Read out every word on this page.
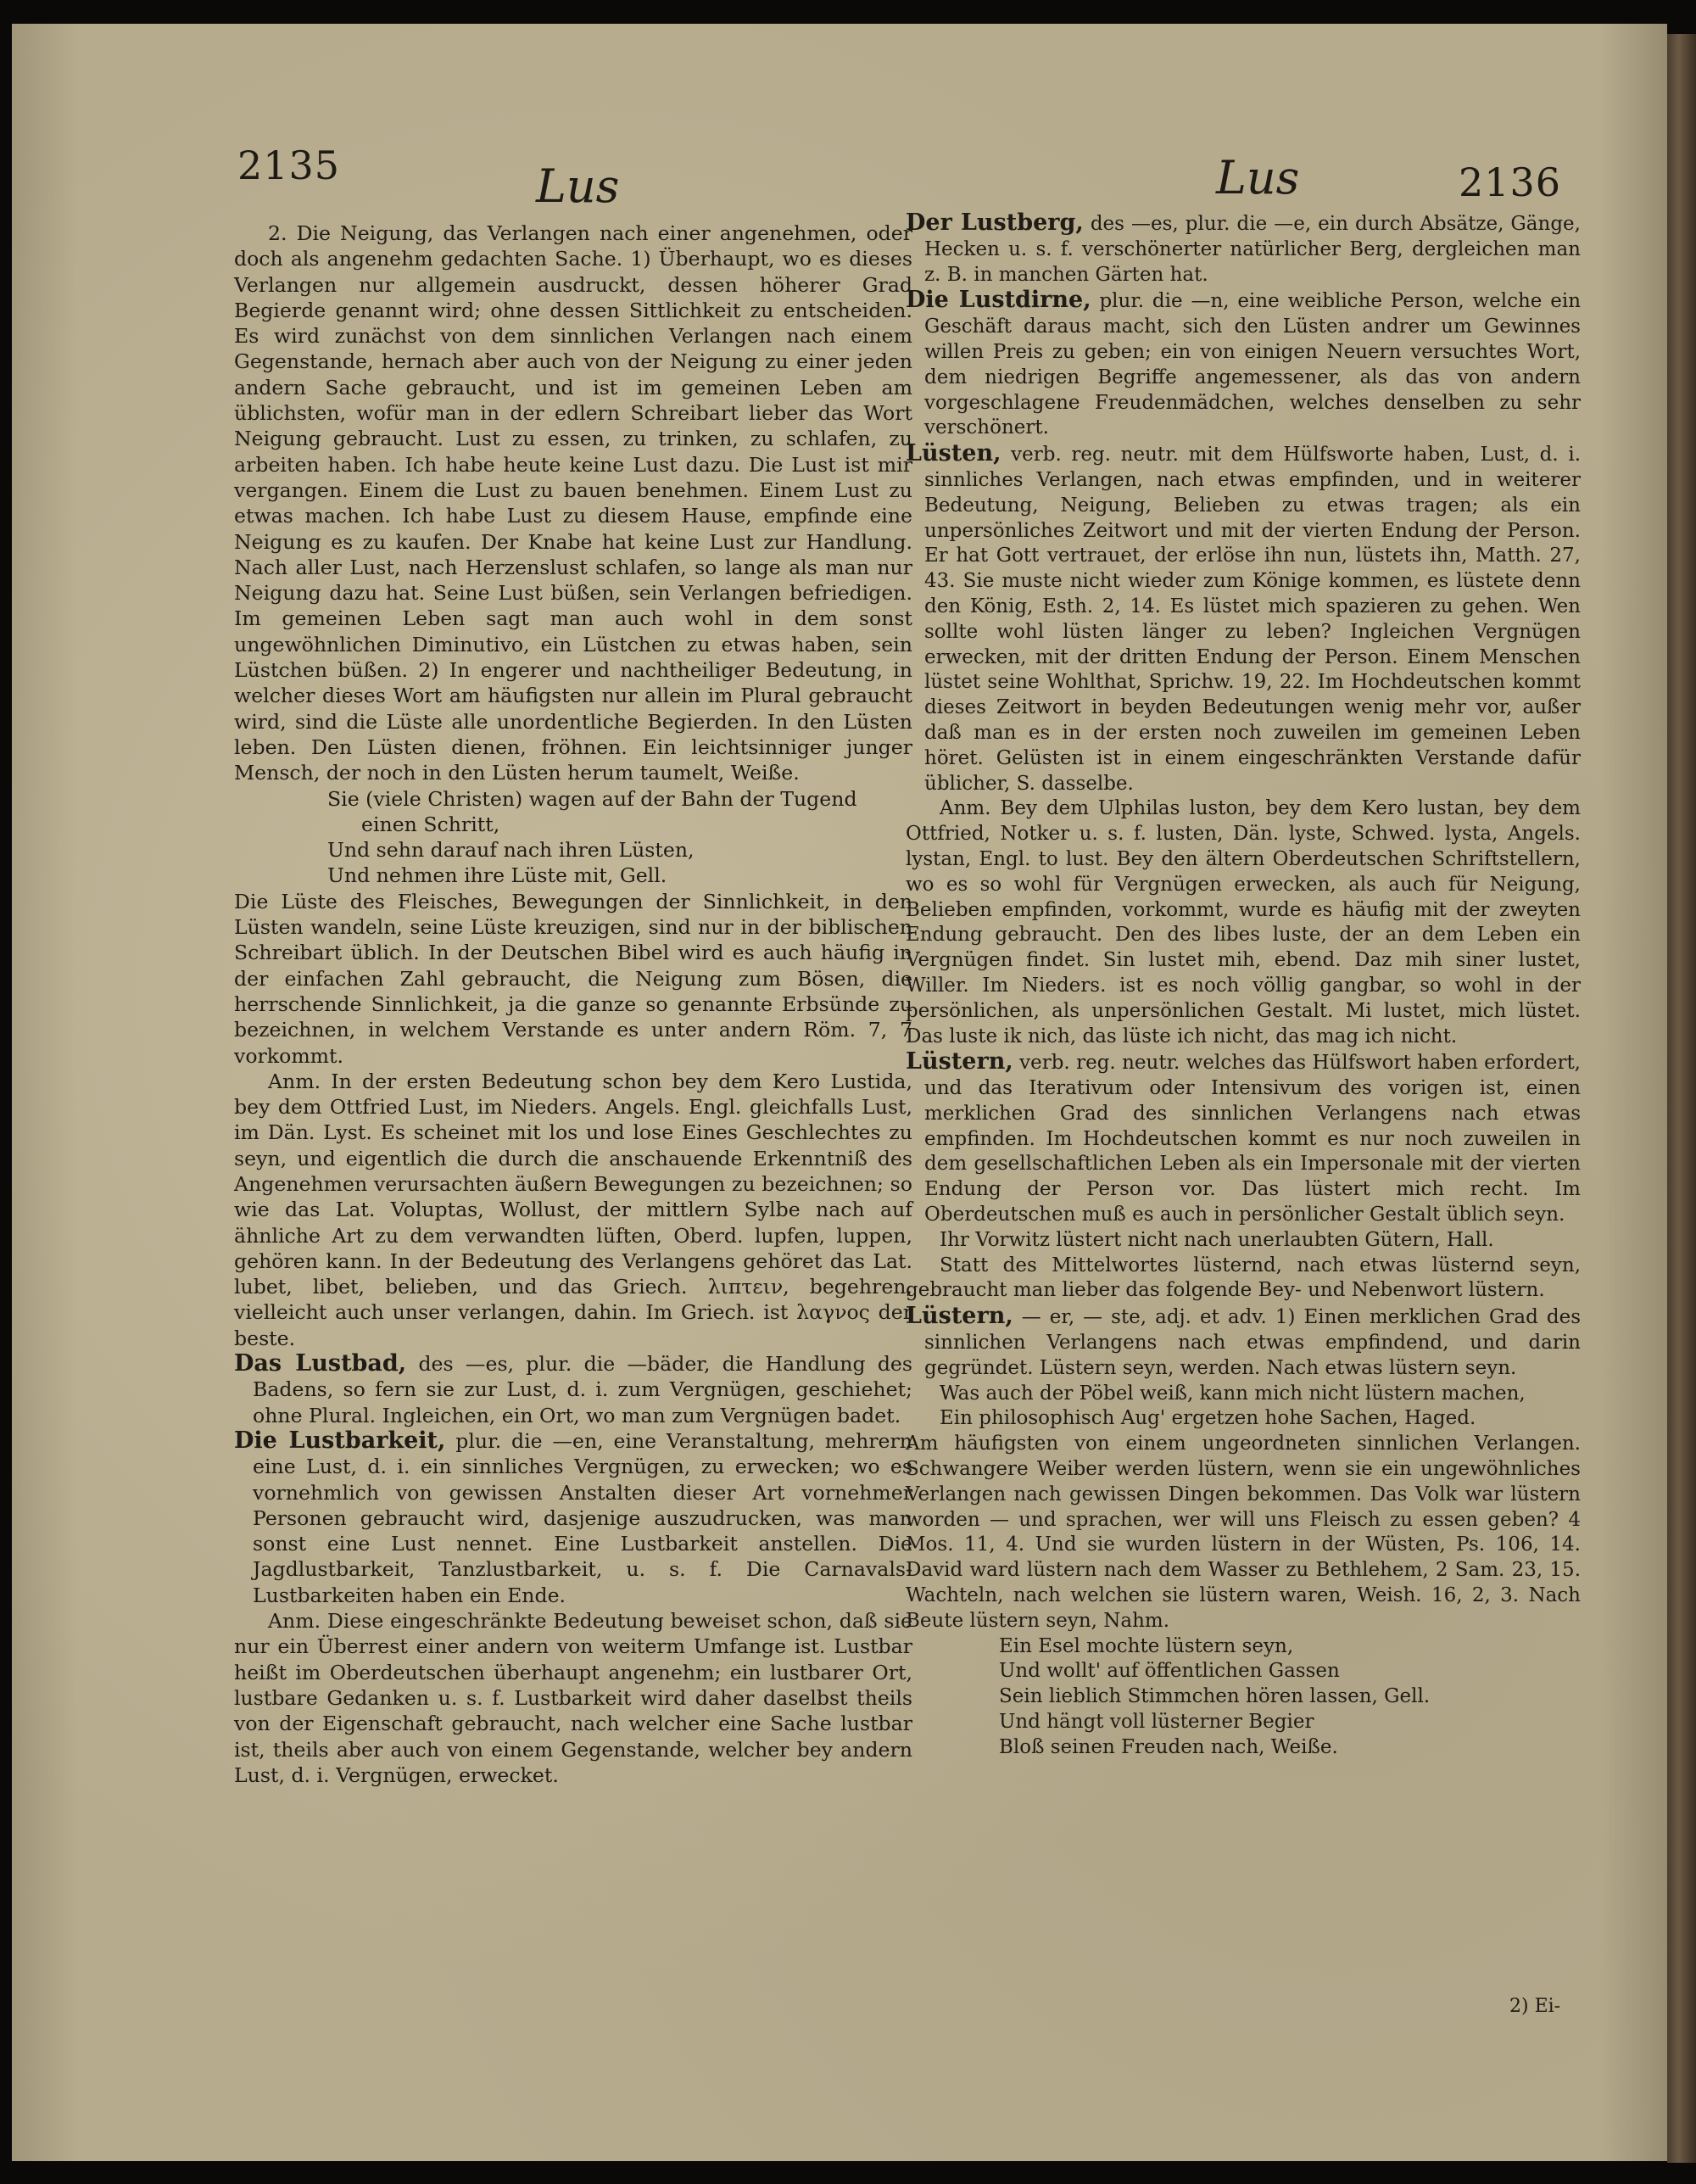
2135	Lus	Lus	2136

2. Die Neigung, das Verlangen nach einer angenehmen, oder doch als angenehm gedachten Sache. 1) Überhaupt, wo es dieses Verlangen nur allgemein ausdruckt, dessen höherer Grad Begierde genannt wird; ohne dessen Sittlichkeit zu entscheiden. Es wird zunächst von dem sinnlichen Verlangen nach einem Gegenstande, hernach aber auch von der Neigung zu einer jeden andern Sache gebraucht, und ist im gemeinen Leben am üblichsten, wofür man in der edlern Schreibart lieber das Wort Neigung gebraucht. Lust zu essen, zu trinken, zu schlafen, zu arbeiten haben. Ich habe heute keine Lust dazu. Die Lust ist mir vergangen. Einem die Lust zu bauen benehmen. Einem Lust zu etwas machen. Ich habe Lust zu diesem Hause, empfinde eine Neigung es zu kaufen. Der Knabe hat keine Lust zur Handlung. Nach aller Lust, nach Herzenslust schlafen, so lange als man nur Neigung dazu hat. Seine Lust büßen, sein Verlangen befriedigen. Im gemeinen Leben sagt man auch wohl in dem sonst ungewöhnlichen Diminutivo, ein Lüstchen zu etwas haben, sein Lüstchen büßen. 2) In engerer und nachtheiliger Bedeutung, in welcher dieses Wort am häufigsten nur allein im Plural gebraucht wird, sind die Lüste alle unordentliche Begierden. In den Lüsten leben. Den Lüsten dienen, fröhnen. Ein leichtsinniger junger Mensch, der noch in den Lüsten herum taumelt, Weiße.

Sie (viele Christen) wagen auf der Bahn der Tugend

einen Schritt,

Und sehn darauf nach ihren Lüsten,

Und nehmen ihre Lüste mit, Gell.

Die Lüste des Fleisches, Bewegungen der Sinnlichkeit, in den Lüsten wandeln, seine Lüste kreuzigen, sind nur in der biblischen Schreibart üblich. In der Deutschen Bibel wird es auch häufig in der einfachen Zahl gebraucht, die Neigung zum Bösen, die herrschende Sinnlichkeit, ja die ganze so genannte Erbsünde zu bezeichnen, in welchem Verstande es unter andern Röm. 7, 7 vorkommt.

Anm. In der ersten Bedeutung schon bey dem Kero Lustida, bey dem Ottfried Lust, im Nieders. Angels. Engl. gleichfalls Lust, im Dän. Lyst. Es scheinet mit los und lose Eines Geschlechtes zu seyn, und eigentlich die durch die anschauende Erkenntniß des Angenehmen verursachten äußern Bewegungen zu bezeichnen; so wie das Lat. Voluptas, Wollust, der mittlern Sylbe nach auf ähnliche Art zu dem verwandten lüften, Oberd. lupfen, luppen, gehören kann. In der Bedeutung des Verlangens gehöret das Lat. lubet, libet, belieben, und das Griech. λιπτειν, begehren, vielleicht auch unser verlangen, dahin. Im Griech. ist λαγνος der beste.

Das Lustbad, des —es, plur. die —bäder, die Handlung des Badens, so fern sie zur Lust, d. i. zum Vergnügen, geschiehet; ohne Plural. Ingleichen, ein Ort, wo man zum Vergnügen badet.

Die Lustbarkeit, plur. die —en, eine Veranstaltung, mehrern eine Lust, d. i. ein sinnliches Vergnügen, zu erwecken; wo es vornehmlich von gewissen Anstalten dieser Art vornehmer Personen gebraucht wird, dasjenige auszudrucken, was man sonst eine Lust nennet. Eine Lustbarkeit anstellen. Die Jagdlustbarkeit, Tanzlustbarkeit, u. s. f. Die Carnavals-Lustbarkeiten haben ein Ende.

Anm. Diese eingeschränkte Bedeutung beweiset schon, daß sie nur ein Überrest einer andern von weiterm Umfange ist. Lustbar heißt im Oberdeutschen überhaupt angenehm; ein lustbarer Ort, lustbare Gedanken u. s. f. Lustbarkeit wird daher daselbst theils von der Eigenschaft gebraucht, nach welcher eine Sache lustbar ist, theils aber auch von einem Gegenstande, welcher bey andern Lust, d. i. Vergnügen, erwecket.

Der Lustberg, des —es, plur. die —e, ein durch Absätze, Gänge, Hecken u. s. f. verschönerter natürlicher Berg, dergleichen man z. B. in manchen Gärten hat.

Die Lustdirne, plur. die —n, eine weibliche Person, welche ein Geschäft daraus macht, sich den Lüsten andrer um Gewinnes willen Preis zu geben; ein von einigen Neuern versuchtes Wort, dem niedrigen Begriffe angemessener, als das von andern vorgeschlagene Freudenmädchen, welches denselben zu sehr verschönert.

Lüsten, verb. reg. neutr. mit dem Hülfsworte haben, Lust, d. i. sinnliches Verlangen, nach etwas empfinden, und in weiterer Bedeutung, Neigung, Belieben zu etwas tragen; als ein unpersönliches Zeitwort und mit der vierten Endung der Person. Er hat Gott vertrauet, der erlöse ihn nun, lüstets ihn, Matth. 27, 43. Sie muste nicht wieder zum Könige kommen, es lüstete denn den König, Esth. 2, 14. Es lüstet mich spazieren zu gehen. Wen sollte wohl lüsten länger zu leben? Ingleichen Vergnügen erwecken, mit der dritten Endung der Person. Einem Menschen lüstet seine Wohlthat, Sprichw. 19, 22. Im Hochdeutschen kommt dieses Zeitwort in beyden Bedeutungen wenig mehr vor, außer daß man es in der ersten noch zuweilen im gemeinen Leben höret. Gelüsten ist in einem eingeschränkten Verstande dafür üblicher, S. dasselbe.

Anm. Bey dem Ulphilas luston, bey dem Kero lustan, bey dem Ottfried, Notker u. s. f. lusten, Dän. lyste, Schwed. lysta, Angels. lystan, Engl. to lust. Bey den ältern Oberdeutschen Schriftstellern, wo es so wohl für Vergnügen erwecken, als auch für Neigung, Belieben empfinden, vorkommt, wurde es häufig mit der zweyten Endung gebraucht. Den des libes luste, der an dem Leben ein Vergnügen findet. Sin lustet mih, ebend. Daz mih siner lustet, Willer. Im Nieders. ist es noch völlig gangbar, so wohl in der persönlichen, als unpersönlichen Gestalt. Mi lustet, mich lüstet. Das luste ik nich, das lüste ich nicht, das mag ich nicht.

Lüstern, verb. reg. neutr. welches das Hülfswort haben erfordert, und das Iterativum oder Intensivum des vorigen ist, einen merklichen Grad des sinnlichen Verlangens nach etwas empfinden. Im Hochdeutschen kommt es nur noch zuweilen in dem gesellschaftlichen Leben als ein Impersonale mit der vierten Endung der Person vor. Das lüstert mich recht. Im Oberdeutschen muß es auch in persönlicher Gestalt üblich seyn.

Ihr Vorwitz lüstert nicht nach unerlaubten Gütern, Hall.

Statt des Mittelwortes lüsternd, nach etwas lüsternd seyn, gebraucht man lieber das folgende Bey- und Nebenwort lüstern.

Lüstern, — er, — ste, adj. et adv. 1) Einen merklichen Grad des sinnlichen Verlangens nach etwas empfindend, und darin gegründet. Lüstern seyn, werden. Nach etwas lüstern seyn.

Was auch der Pöbel weiß, kann mich nicht lüstern machen,

Ein philosophisch Aug' ergetzen hohe Sachen, Haged.

Am häufigsten von einem ungeordneten sinnlichen Verlangen. Schwangere Weiber werden lüstern, wenn sie ein ungewöhnliches Verlangen nach gewissen Dingen bekommen. Das Volk war lüstern worden — und sprachen, wer will uns Fleisch zu essen geben? 4 Mos. 11, 4. Und sie wurden lüstern in der Wüsten, Ps. 106, 14. David ward lüstern nach dem Wasser zu Bethlehem, 2 Sam. 23, 15. Wachteln, nach welchen sie lüstern waren, Weish. 16, 2, 3. Nach Beute lüstern seyn, Nahm.

Ein Esel mochte lüstern seyn,

Und wollt' auf öffentlichen Gassen

Sein lieblich Stimmchen hören lassen, Gell.

Und hängt voll lüsterner Begier

Bloß seinen Freuden nach, Weiße.

2) Ei-
